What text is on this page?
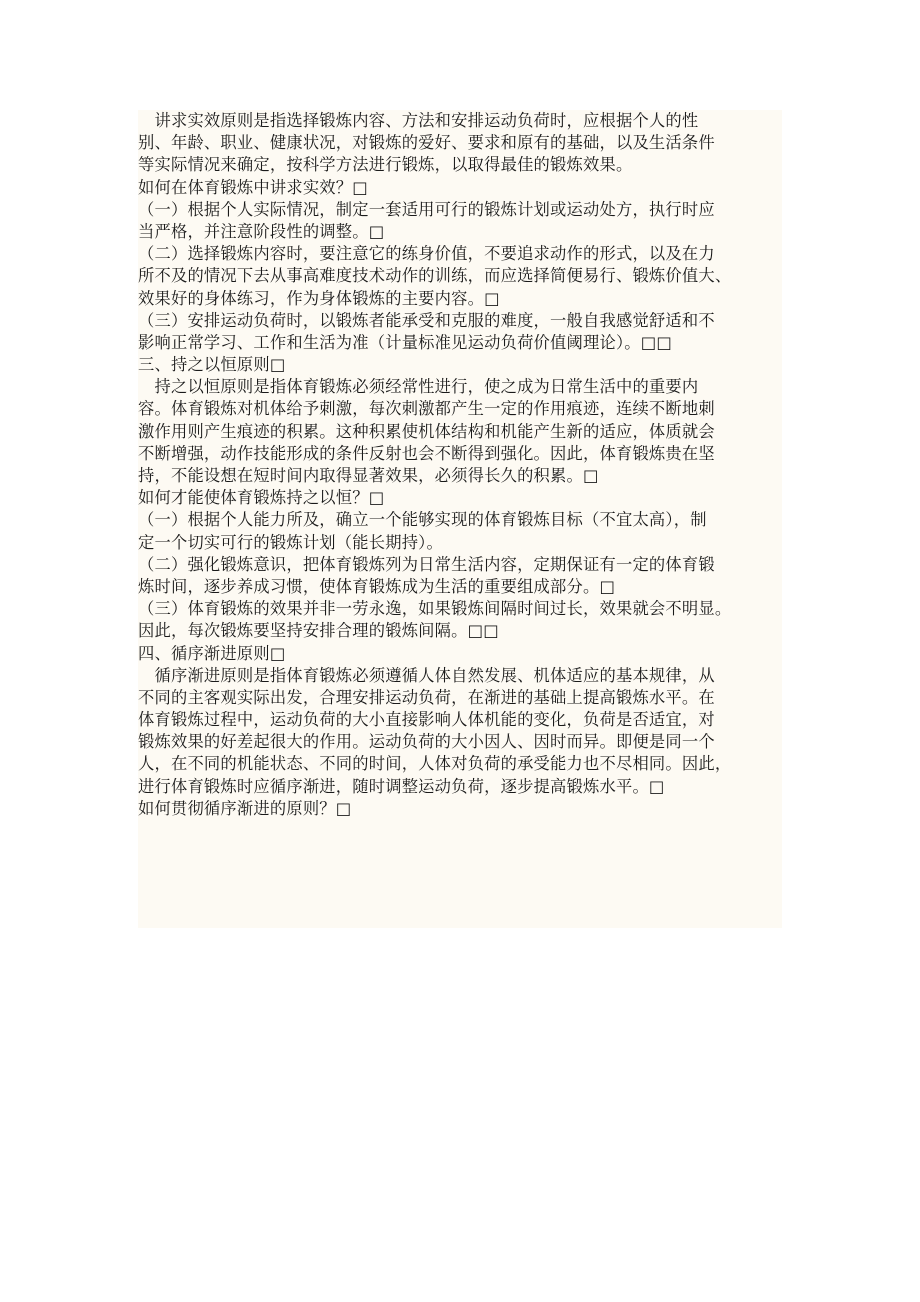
　讲求实效原则是指选择锻炼内容、方法和安排运动负荷时，应根据个人的性
别、年龄、职业、健康状况，对锻炼的爱好、要求和原有的基础，以及生活条件
等实际情况来确定，按科学方法进行锻炼，以取得最佳的锻炼效果。
如何在体育锻炼中讲求实效？□
（一）根据个人实际情况，制定一套适用可行的锻炼计划或运动处方，执行时应
当严格，并注意阶段性的调整。□
（二）选择锻炼内容时，要注意它的练身价值，不要追求动作的形式，以及在力
所不及的情况下去从事高难度技术动作的训练，而应选择简便易行、锻炼价值大、
效果好的身体练习，作为身体锻炼的主要内容。□
（三）安排运动负荷时，以锻炼者能承受和克服的难度，一般自我感觉舒适和不
影响正常学习、工作和生活为准（计量标准见运动负荷价值阈理论）。□□
三、持之以恒原则□
　持之以恒原则是指体育锻炼必须经常性进行，使之成为日常生活中的重要内
容。体育锻炼对机体给予刺激，每次刺激都产生一定的作用痕迹，连续不断地刺
激作用则产生痕迹的积累。这种积累使机体结构和机能产生新的适应，体质就会
不断增强，动作技能形成的条件反射也会不断得到强化。因此，体育锻炼贵在坚
持，不能设想在短时间内取得显著效果，必须得长久的积累。□
如何才能使体育锻炼持之以恒？□
（一）根据个人能力所及，确立一个能够实现的体育锻炼目标（不宜太高），制
定一个切实可行的锻炼计划（能长期持）。
（二）强化锻炼意识，把体育锻炼列为日常生活内容，定期保证有一定的体育锻
炼时间，逐步养成习惯，使体育锻炼成为生活的重要组成部分。□
（三）体育锻炼的效果并非一劳永逸，如果锻炼间隔时间过长，效果就会不明显。
因此，每次锻炼要坚持安排合理的锻炼间隔。□□
四、循序渐进原则□
　循序渐进原则是指体育锻炼必须遵循人体自然发展、机体适应的基本规律，从
不同的主客观实际出发，合理安排运动负荷，在渐进的基础上提高锻炼水平。在
体育锻炼过程中，运动负荷的大小直接影响人体机能的变化，负荷是否适宜，对
锻炼效果的好差起很大的作用。运动负荷的大小因人、因时而异。即便是同一个
人，在不同的机能状态、不同的时间，人体对负荷的承受能力也不尽相同。因此，
进行体育锻炼时应循序渐进，随时调整运动负荷，逐步提高锻炼水平。□
如何贯彻循序渐进的原则？□
